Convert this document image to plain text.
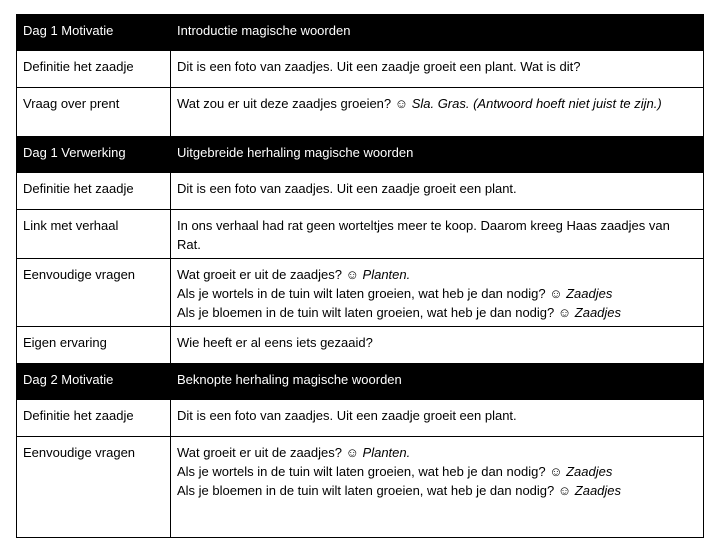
Dag 1 Motivatie	Introductie magische woorden
Definitie het zaadje	Dit is een foto van zaadjes. Uit een zaadje groeit een plant. Wat is dit?
Vraag over prent	Wat zou er uit deze zaadjes groeien? ☺ Sla. Gras. (Antwoord hoeft niet juist te zijn.)
Dag 1 Verwerking	Uitgebreide herhaling magische woorden
Definitie het zaadje	Dit is een foto van zaadjes. Uit een zaadje groeit een plant.
Link met verhaal	In ons verhaal had rat geen worteltjes meer te koop. Daarom kreeg Haas zaadjes van Rat.
Eenvoudige vragen	Wat groeit er uit de zaadjes? ☺ Planten.
Als je wortels in de tuin wilt laten groeien, wat heb je dan nodig? ☺ Zaadjes
Als je bloemen in de tuin wilt laten groeien, wat heb je dan nodig? ☺ Zaadjes

Eigen ervaring	Wie heeft er al eens iets gezaaid?
Dag 2 Motivatie	Beknopte herhaling magische woorden
Definitie het zaadje	Dit is een foto van zaadjes. Uit een zaadje groeit een plant.
Eenvoudige vragen	Wat groeit er uit de zaadjes? ☺ Planten.
Als je wortels in de tuin wilt laten groeien, wat heb je dan nodig? ☺ Zaadjes
Als je bloemen in de tuin wilt laten groeien, wat heb je dan nodig? ☺ Zaadjes
